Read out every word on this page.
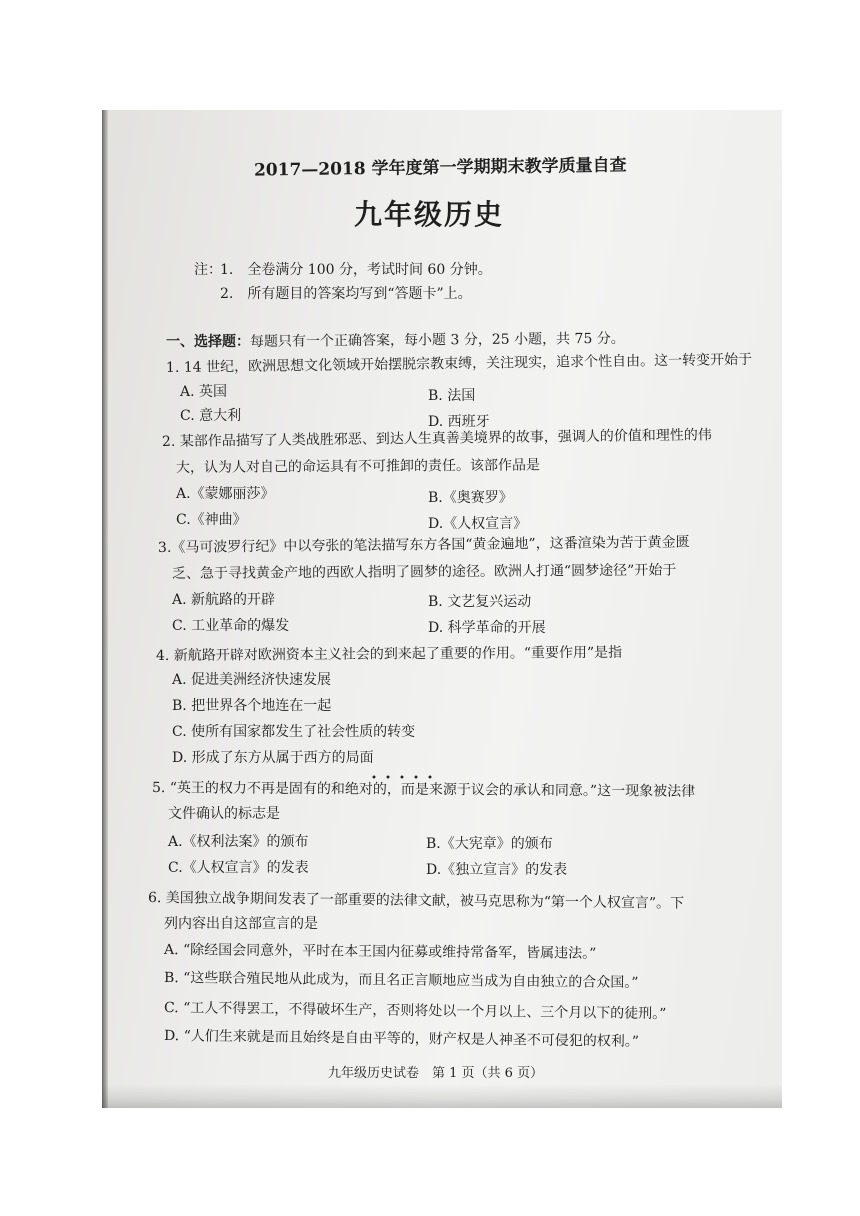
2017—2018 学年度第一学期期末教学质量自查
九年级历史
注：
1.　全卷满分 100 分，考试时间 60 分钟。
2.　所有题目的答案均写到“答题卡”上。
一、选择题： 每题只有一个正确答案，每小题 3 分，25 小题，共 75 分。
1. 14 世纪，欧洲思想文化领域开始摆脱宗教束缚，关注现实，追求个性自由。这一转变开始于
A. 英国	B. 法国
C. 意大利	D. 西班牙
2. 某部作品描写了人类战胜邪恶、到达人生真善美境界的故事，强调人的价值和理性的伟
大，认为人对自己的命运具有不可推卸的责任。该部作品是
A.《蒙娜丽莎》	B.《奥赛罗》
C.《神曲》	D.《人权宣言》
3.《马可波罗行纪》中以夸张的笔法描写东方各国“黄金遍地”，这番渲染为苦于黄金匮
乏、急于寻找黄金产地的西欧人指明了圆梦的途径。欧洲人打通“圆梦途径”开始于
A. 新航路的开辟	B. 文艺复兴运动
C. 工业革命的爆发	D. 科学革命的开展
4. 新航路开辟对欧洲资本主义社会的到来起了重要的作用。“重要作用”是指
A. 促进美洲经济快速发展
B. 把世界各个地连在一起
C. 使所有国家都发生了社会性质的转变
D. 形成了东方从属于西方的局面
5. “英王的权力不再是固有的和绝对的，而是来源于议会的承认和同意。”这一现象被法律
文件确认的标志是
A.《权利法案》的颁布	B.《大宪章》的颁布
C.《人权宣言》的发表	D.《独立宣言》的发表
6. 美国独立战争期间发表了一部重要的法律文献，被马克思称为“第一个人权宣言”。下
列内容出自这部宣言的是
A. “除经国会同意外，平时在本王国内征募或维持常备军，皆属违法。”
B. “这些联合殖民地从此成为，而且名正言顺地应当成为自由独立的合众国。”
C. “工人不得罢工，不得破坏生产，否则将处以一个月以上、三个月以下的徒刑。”
D. “人们生来就是而且始终是自由平等的，财产权是人神圣不可侵犯的权利。”
九年级历史试卷　第 1 页（共 6 页）
